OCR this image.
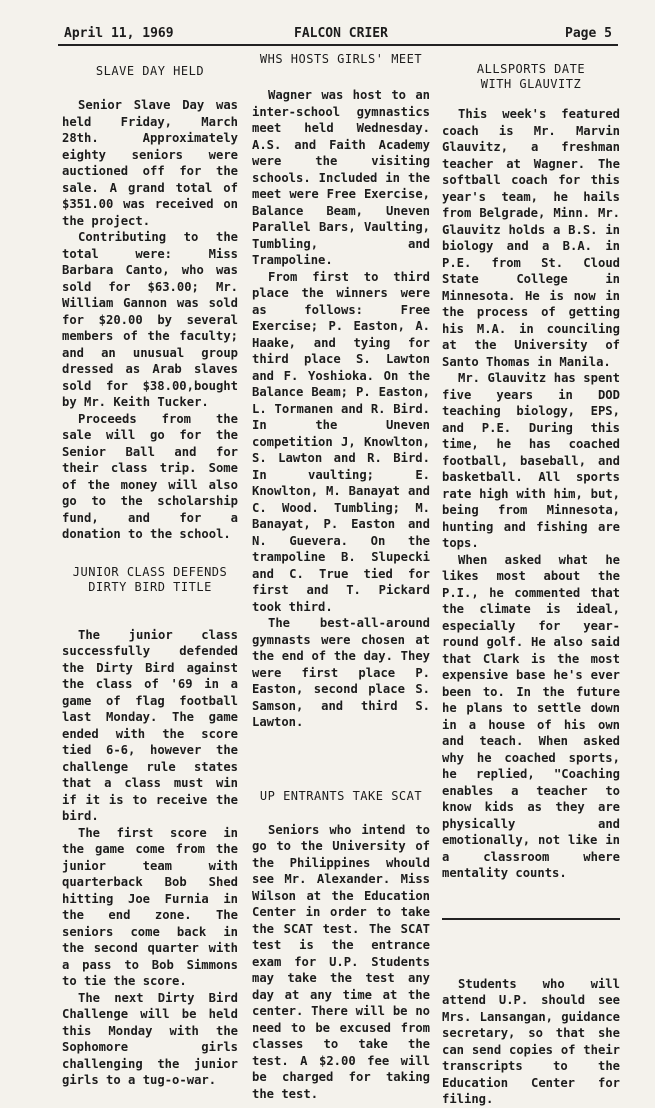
April 11, 1969	FALCON CRIER	Page 5

SLAVE DAY HELD

Senior Slave Day was held Friday, March 28th. Approximately eighty seniors were auctioned off for the sale. A grand total of $351.00 was received on the project.

Contributing to the total were: Miss Barbara Canto, who was sold for $63.00; Mr. William Gannon was sold for $20.00 by several members of the faculty; and an unusual group dressed as Arab slaves sold for $38.00,bought by Mr. Keith Tucker.

Proceeds from the sale will go for the Senior Ball and for their class trip. Some of the money will also go to the scholarship fund, and for a donation to the school.

JUNIOR CLASS DEFENDS

DIRTY BIRD TITLE

The junior class successfully defended the Dirty Bird against the class of '69 in a game of flag football last Monday. The game ended with the score tied 6-6, however the challenge rule states that a class must win if it is to receive the bird.

The first score in the game come from the junior team with quarterback Bob Shed hitting Joe Furnia in the end zone. The seniors come back in the second quarter with a pass to Bob Simmons to tie the score.

The next Dirty Bird Challenge will be held this Monday with the Sophomore girls challenging the junior girls to a tug-o-war.

WHS HOSTS GIRLS' MEET

Wagner was host to an inter-school gymnastics meet held Wednesday. A.S. and Faith Academy were the visiting schools. Included in the meet were Free Exercise, Balance Beam, Uneven Parallel Bars, Vaulting, Tumbling, and Trampoline.

From first to third place the winners were as follows: Free Exercise; P. Easton, A. Haake, and tying for third place S. Lawton and F. Yoshioka. On the Balance Beam; P. Easton, L. Tormanen and R. Bird. In the Uneven competition J, Knowlton, S. Lawton and R. Bird. In vaulting; E. Knowlton, M. Banayat and C. Wood. Tumbling; M. Banayat, P. Easton and N. Guevera. On the trampoline B. Slupecki and C. True tied for first and T. Pickard took third.

The best-all-around gymnasts were chosen at the end of the day. They were first place P. Easton, second place S. Samson, and third S. Lawton.

UP ENTRANTS TAKE SCAT

Seniors who intend to go to the University of the Philippines whould see Mr. Alexander. Miss Wilson at the Education Center in order to take the SCAT test. The SCAT test is the entrance exam for U.P. Students may take the test any day at any time at the center. There will be no need to be excused from classes to take the test. A $2.00 fee will be charged for taking the test.

ALLSPORTS DATE

WITH GLAUVITZ

This week's featured coach is Mr. Marvin Glauvitz, a freshman teacher at Wagner. The softball coach for this year's team, he hails from Belgrade, Minn. Mr. Glauvitz holds a B.S. in biology and a B.A. in P.E. from St. Cloud State College in Minnesota. He is now in the process of getting his M.A. in counciling at the University of Santo Thomas in Manila.

Mr. Glauvitz has spent five years in DOD teaching biology, EPS, and P.E. During this time, he has coached football, baseball, and basketball. All sports rate high with him, but, being from Minnesota, hunting and fishing are tops.

When asked what he likes most about the P.I., he commented that the climate is ideal, especially for year-round golf. He also said that Clark is the most expensive base he's ever been to. In the future he plans to settle down in a house of his own and teach. When asked why he coached sports, he replied, "Coaching enables a teacher to know kids as they are physically and emotionally, not like in a classroom where mentality counts.

Students who will attend U.P. should see Mrs. Lansangan, guidance secretary, so that she can send copies of their transcripts to the Education Center for filing.
